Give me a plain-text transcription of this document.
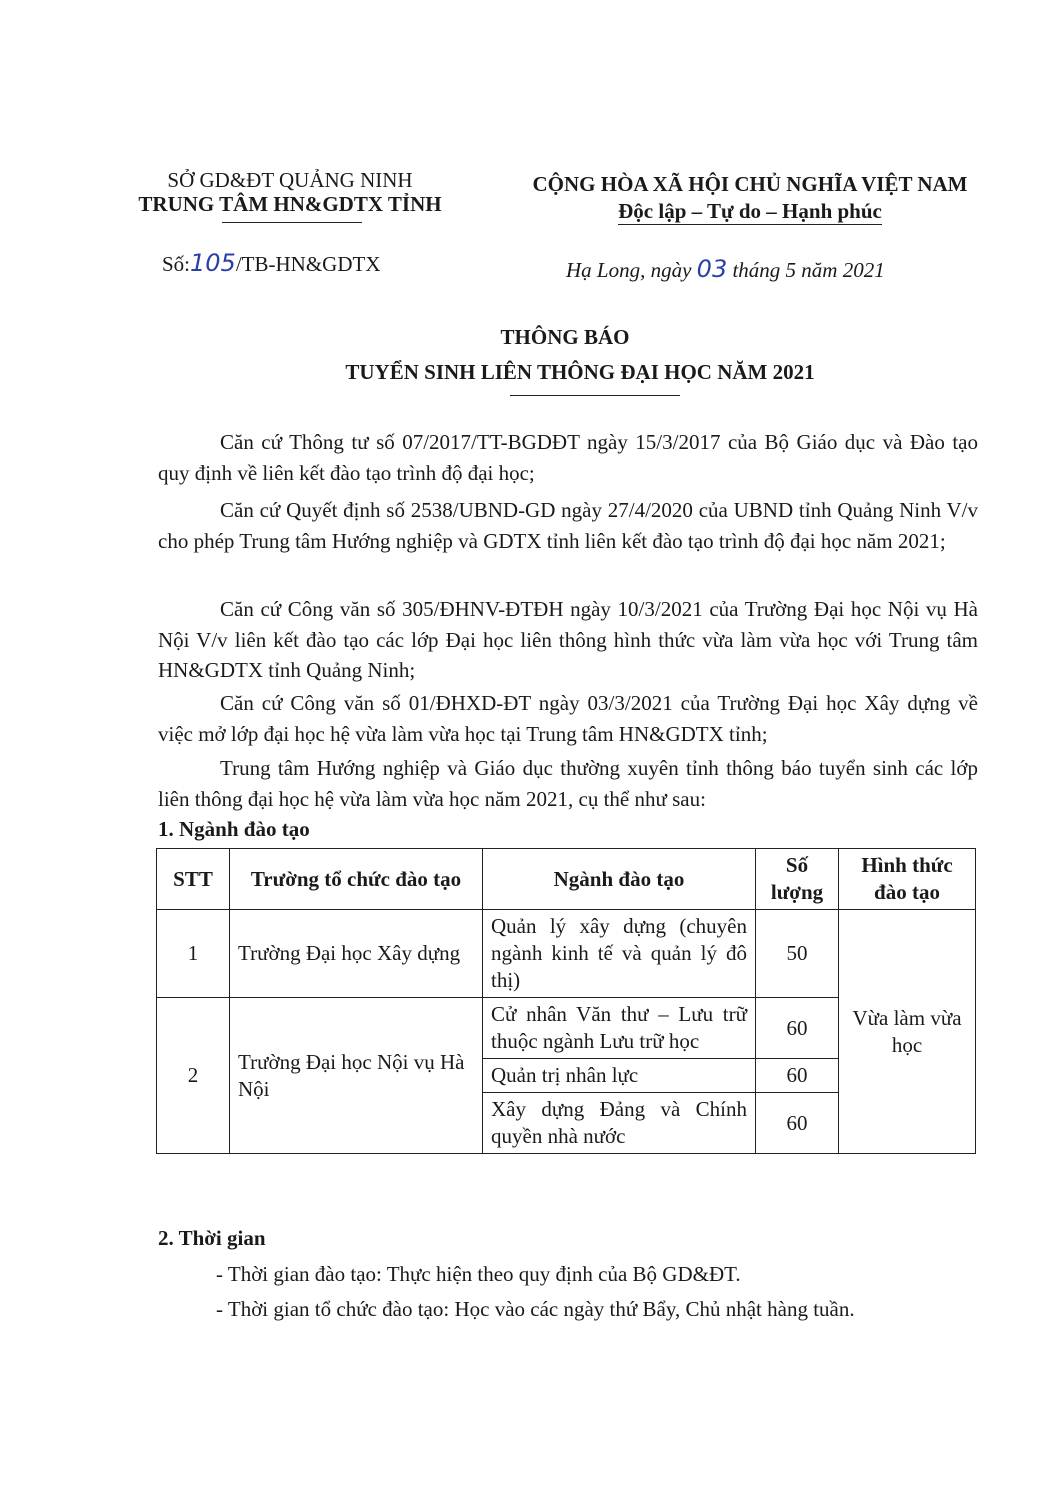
SỞ GD&ĐT QUẢNG NINH
TRUNG TÂM HN&GDTX TỈNH
CỘNG HÒA XÃ HỘI CHỦ NGHĨA VIỆT NAM
Độc lập – Tự do – Hạnh phúc
Số:105/TB-HN&GDTX	Hạ Long, ngày 03 tháng 5 năm 2021
THÔNG BÁO
TUYỂN SINH LIÊN THÔNG ĐẠI HỌC NĂM 2021
Căn cứ Thông tư số 07/2017/TT-BGDĐT ngày 15/3/2017 của Bộ Giáo dục và Đào tạo quy định về liên kết đào tạo trình độ đại học;
Căn cứ Quyết định số 2538/UBND-GD ngày 27/4/2020 của UBND tỉnh Quảng Ninh V/v cho phép Trung tâm Hướng nghiệp và GDTX tỉnh liên kết đào tạo trình độ đại học năm 2021;
Căn cứ Công văn số 305/ĐHNV-ĐTĐH ngày 10/3/2021 của Trường Đại học Nội vụ Hà Nội V/v liên kết đào tạo các lớp Đại học liên thông hình thức vừa làm vừa học với Trung tâm HN&GDTX tỉnh Quảng Ninh;
Căn cứ Công văn số 01/ĐHXD-ĐT ngày 03/3/2021 của Trường Đại học Xây dựng về việc mở lớp đại học hệ vừa làm vừa học tại Trung tâm HN&GDTX tỉnh;
Trung tâm Hướng nghiệp và Giáo dục thường xuyên tỉnh thông báo tuyển sinh các lớp liên thông đại học hệ vừa làm vừa học năm 2021, cụ thể như sau:
1. Ngành đào tạo
STT	Trường tổ chức đào tạo	Ngành đào tạo	Số lượng	Hình thức đào tạo
1	Trường Đại học Xây dựng	Quản lý xây dựng (chuyên ngành kinh tế và quản lý đô thị)	50	Vừa làm vừa học
2	Trường Đại học Nội vụ Hà Nội	Cử nhân Văn thư – Lưu trữ thuộc ngành Lưu trữ học	60	
		Quản trị nhân lực	60	
		Xây dựng Đảng và Chính quyền nhà nước	60	
2. Thời gian
- Thời gian đào tạo: Thực hiện theo quy định của Bộ GD&ĐT.
- Thời gian tổ chức đào tạo: Học vào các ngày thứ Bẩy, Chủ nhật hàng tuần.
